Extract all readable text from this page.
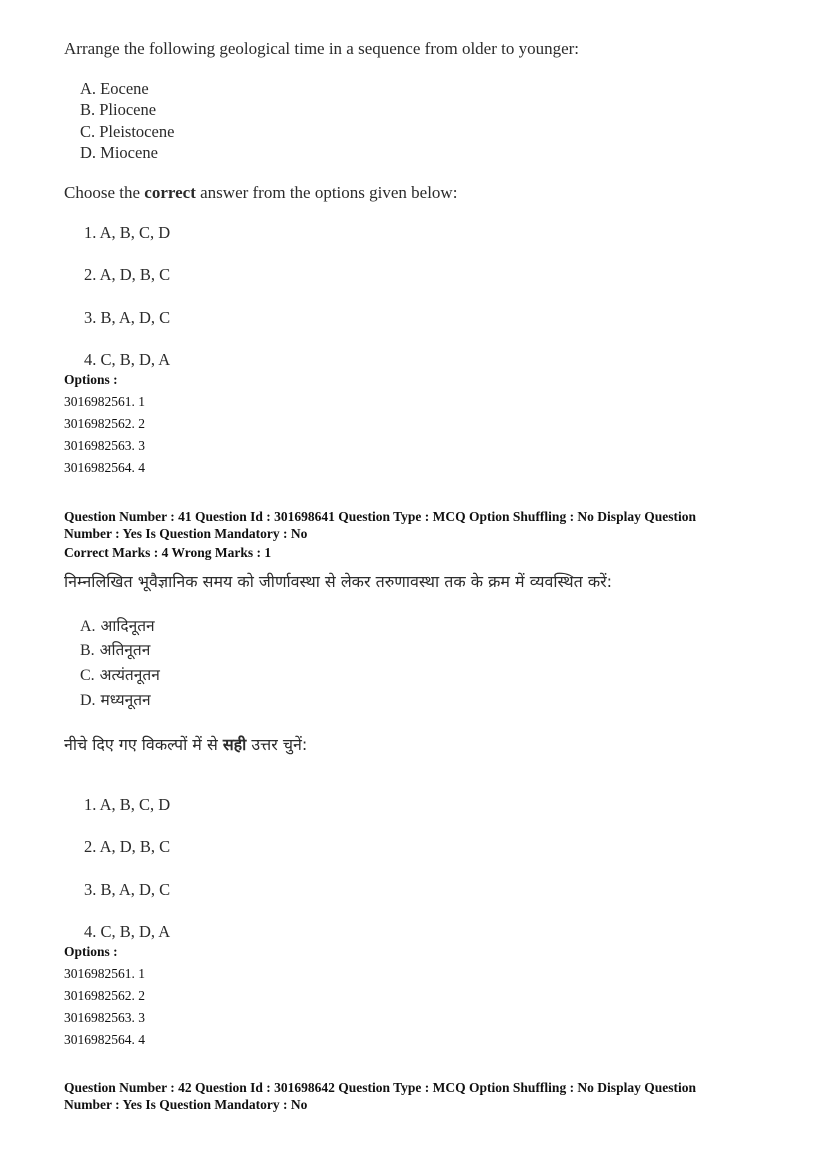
Arrange the following geological time in a sequence from older to younger:
A. Eocene
B. Pliocene
C. Pleistocene
D. Miocene
Choose the correct answer from the options given below:
1. A, B, C, D
2. A, D, B, C
3. B, A, D, C
4. C, B, D, A
Options :
3016982561. 1
3016982562. 2
3016982563. 3
3016982564. 4
Question Number : 41 Question Id : 301698641 Question Type : MCQ Option Shuffling : No Display Question
Number : Yes Is Question Mandatory : No
Correct Marks : 4 Wrong Marks : 1
निम्नलिखित भूवैज्ञानिक समय को जीर्णावस्था से लेकर तरुणावस्था तक के क्रम में व्यवस्थित करें:
A. आदिनूतन
B. अतिनूतन
C. अत्यंतनूतन
D. मध्यनूतन
नीचे दिए गए विकल्पों में से सही उत्तर चुनें:
1. A, B, C, D
2. A, D, B, C
3. B, A, D, C
4. C, B, D, A
Options :
3016982561. 1
3016982562. 2
3016982563. 3
3016982564. 4
Question Number : 42 Question Id : 301698642 Question Type : MCQ Option Shuffling : No Display Question
Number : Yes Is Question Mandatory : No
